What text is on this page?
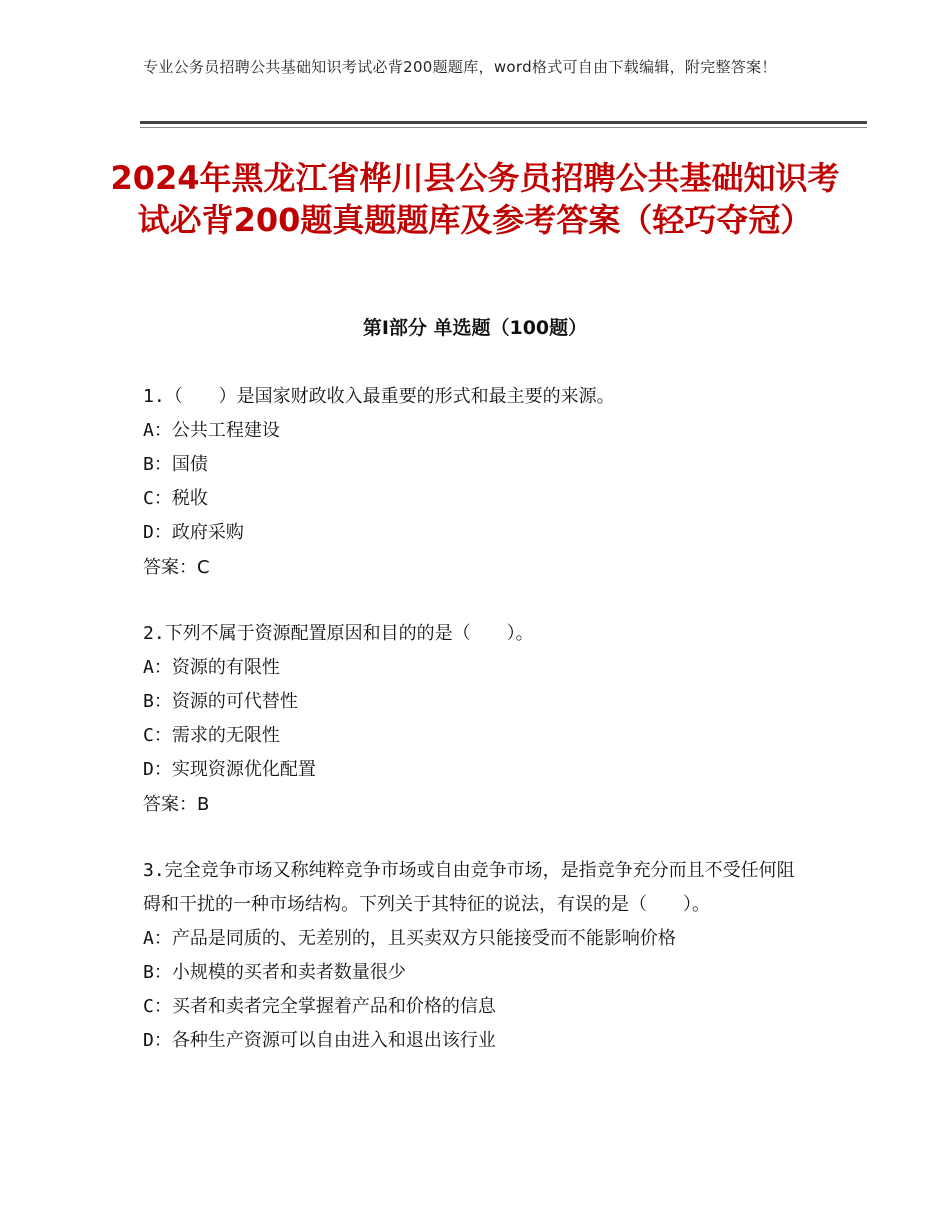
专业公务员招聘公共基础知识考试必背200题题库，word格式可自由下载编辑，附完整答案！
2024年黑龙江省桦川县公务员招聘公共基础知识考试必背200题真题题库及参考答案（轻巧夺冠）
第Ⅰ部分 单选题（100题）

1.（　　）是国家财政收入最重要的形式和最主要的来源。

A：公共工程建设

B：国债

C：税收

D：政府采购

答案：C

2.下列不属于资源配置原因和目的的是（　　）。

A：资源的有限性

B：资源的可代替性

C：需求的无限性

D：实现资源优化配置

答案：B

3.完全竞争市场又称纯粹竞争市场或自由竞争市场，是指竞争充分而且不受任何阻碍和干扰的一种市场结构。下列关于其特征的说法，有误的是（　　）。

A：产品是同质的、无差别的，且买卖双方只能接受而不能影响价格

B：小规模的买者和卖者数量很少

C：买者和卖者完全掌握着产品和价格的信息

D：各种生产资源可以自由进入和退出该行业
